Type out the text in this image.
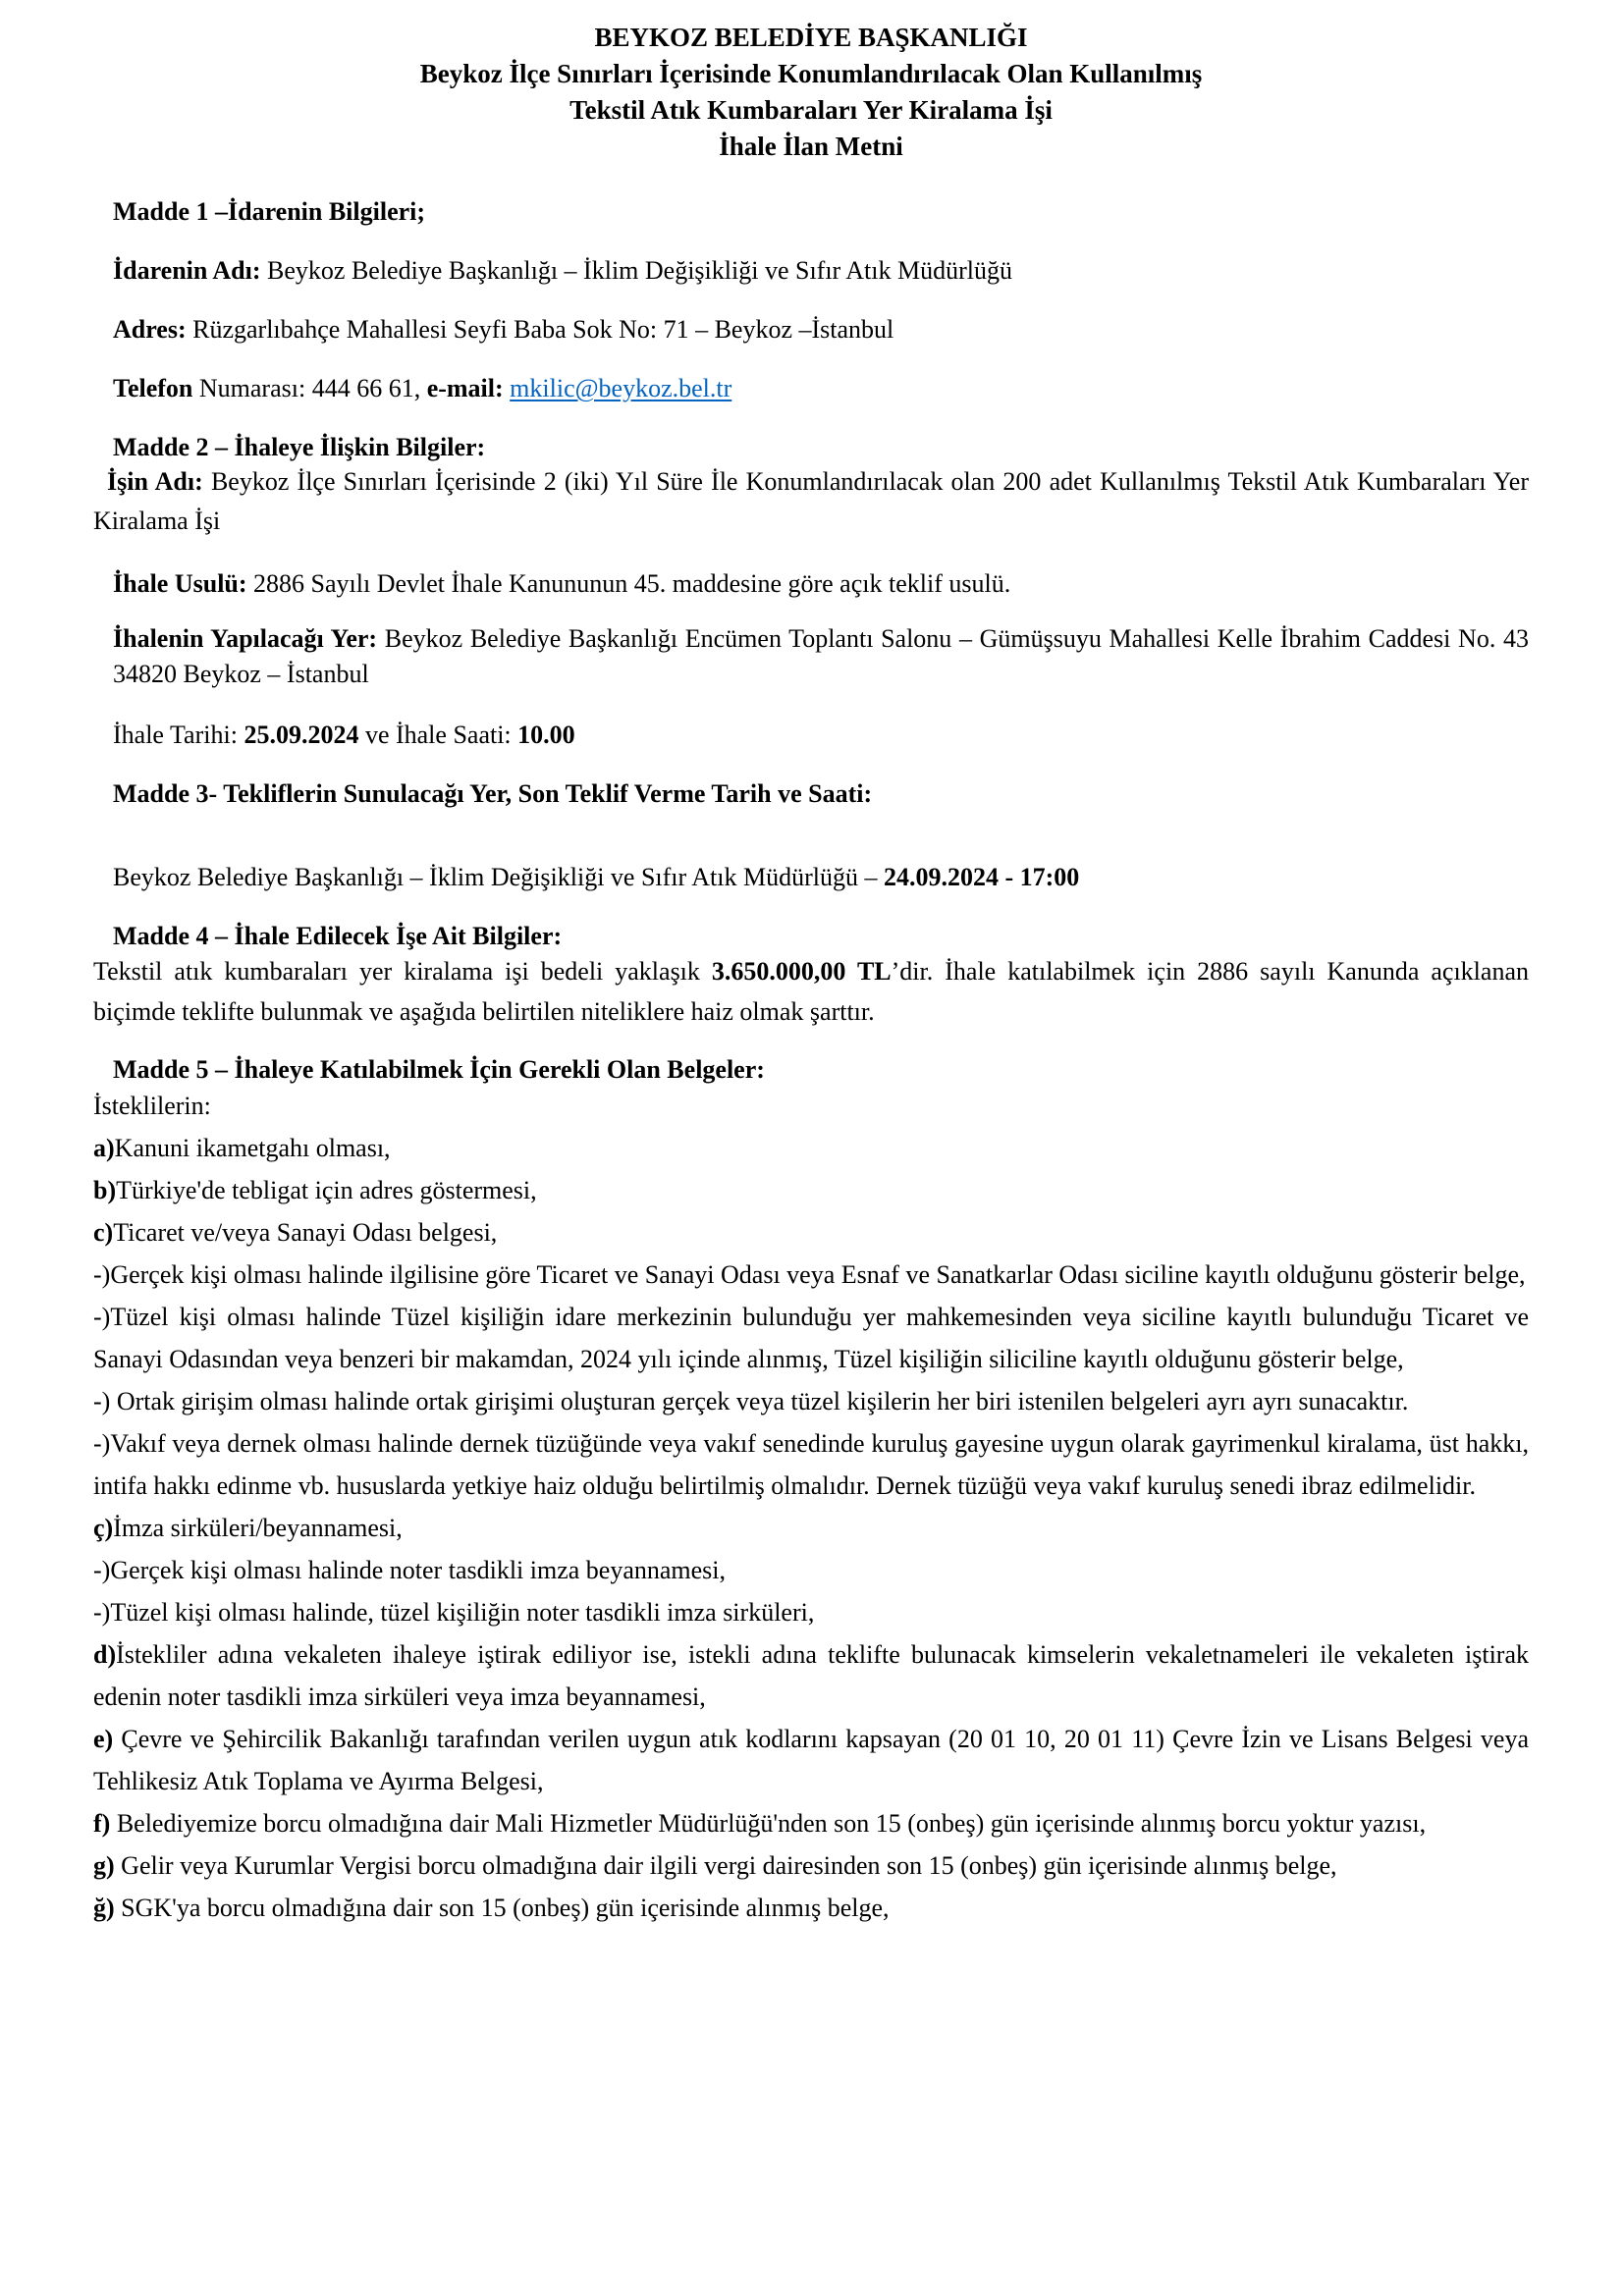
BEYKOZ BELEDİYE BAŞKANLIĞI
Beykoz İlçe Sınırları İçerisinde Konumlandırılacak Olan Kullanılmış
Tekstil Atık Kumbaraları Yer Kiralama İşi
İhale İlan Metni
Madde 1 –İdarenin Bilgileri;
İdarenin Adı: Beykoz Belediye Başkanlığı – İklim Değişikliği ve Sıfır Atık Müdürlüğü
Adres: Rüzgarlıbahçe Mahallesi Seyfi Baba Sok No: 71 – Beykoz –İstanbul
Telefon Numarası: 444 66 61, e-mail: mkilic@beykoz.bel.tr
Madde 2 – İhaleye İlişkin Bilgiler:
İşin Adı: Beykoz İlçe Sınırları İçerisinde 2 (iki) Yıl Süre İle Konumlandırılacak olan 200 adet Kullanılmış Tekstil Atık Kumbaraları Yer Kiralama İşi
İhale Usulü: 2886 Sayılı Devlet İhale Kanununun 45. maddesine göre açık teklif usulü.
İhalenin Yapılacağı Yer: Beykoz Belediye Başkanlığı Encümen Toplantı Salonu – Gümüşsuyu Mahallesi Kelle İbrahim Caddesi No. 43 34820 Beykoz – İstanbul
İhale Tarihi: 25.09.2024 ve İhale Saati: 10.00
Madde 3- Tekliflerin Sunulacağı Yer, Son Teklif Verme Tarih ve Saati:
Beykoz Belediye Başkanlığı – İklim Değişikliği ve Sıfır Atık Müdürlüğü – 24.09.2024 - 17:00
Madde 4 – İhale Edilecek İşe Ait Bilgiler:
Tekstil atık kumbaraları yer kiralama işi bedeli yaklaşık 3.650.000,00 TL’dir. İhale katılabilmek için 2886 sayılı Kanunda açıklanan biçimde teklifte bulunmak ve aşağıda belirtilen niteliklere haiz olmak şarttır.
Madde 5 – İhaleye Katılabilmek İçin Gerekli Olan Belgeler:
İsteklilerin:
a)Kanuni ikametgahı olması,
b)Türkiye'de tebligat için adres göstermesi,
c)Ticaret ve/veya Sanayi Odası belgesi,
-)Gerçek kişi olması halinde ilgilisine göre Ticaret ve Sanayi Odası veya Esnaf ve Sanatkarlar Odası siciline kayıtlı olduğunu gösterir belge,
-)Tüzel kişi olması halinde Tüzel kişiliğin idare merkezinin bulunduğu yer mahkemesinden veya siciline kayıtlı bulunduğu Ticaret ve Sanayi Odasından veya benzeri bir makamdan, 2024 yılı içinde alınmış, Tüzel kişiliğin siliciline kayıtlı olduğunu gösterir belge,
-) Ortak girişim olması halinde ortak girişimi oluşturan gerçek veya tüzel kişilerin her biri istenilen belgeleri ayrı ayrı sunacaktır.
-)Vakıf veya dernek olması halinde dernek tüzüğünde veya vakıf senedinde kuruluş gayesine uygun olarak gayrimenkul kiralama, üst hakkı, intifa hakkı edinme vb. hususlarda yetkiye haiz olduğu belirtilmiş olmalıdır. Dernek tüzüğü veya vakıf kuruluş senedi ibraz edilmelidir.
ç)İmza sirküleri/beyannamesi,
-)Gerçek kişi olması halinde noter tasdikli imza beyannamesi,
-)Tüzel kişi olması halinde, tüzel kişiliğin noter tasdikli imza sirküleri,
d)İstekliler adına vekaleten ihaleye iştirak ediliyor ise, istekli adına teklifte bulunacak kimselerin vekaletnameleri ile vekaleten iştirak edenin noter tasdikli imza sirküleri veya imza beyannamesi,
e) Çevre ve Şehircilik Bakanlığı tarafından verilen uygun atık kodlarını kapsayan (20 01 10, 20 01 11) Çevre İzin ve Lisans Belgesi veya Tehlikesiz Atık Toplama ve Ayırma Belgesi,
f) Belediyemize borcu olmadığına dair Mali Hizmetler Müdürlüğü'nden son 15 (onbeş) gün içerisinde alınmış borcu yoktur yazısı,
g) Gelir veya Kurumlar Vergisi borcu olmadığına dair ilgili vergi dairesinden son 15 (onbeş) gün içerisinde alınmış belge,
ğ) SGK'ya borcu olmadığına dair son 15 (onbeş) gün içerisinde alınmış belge,
